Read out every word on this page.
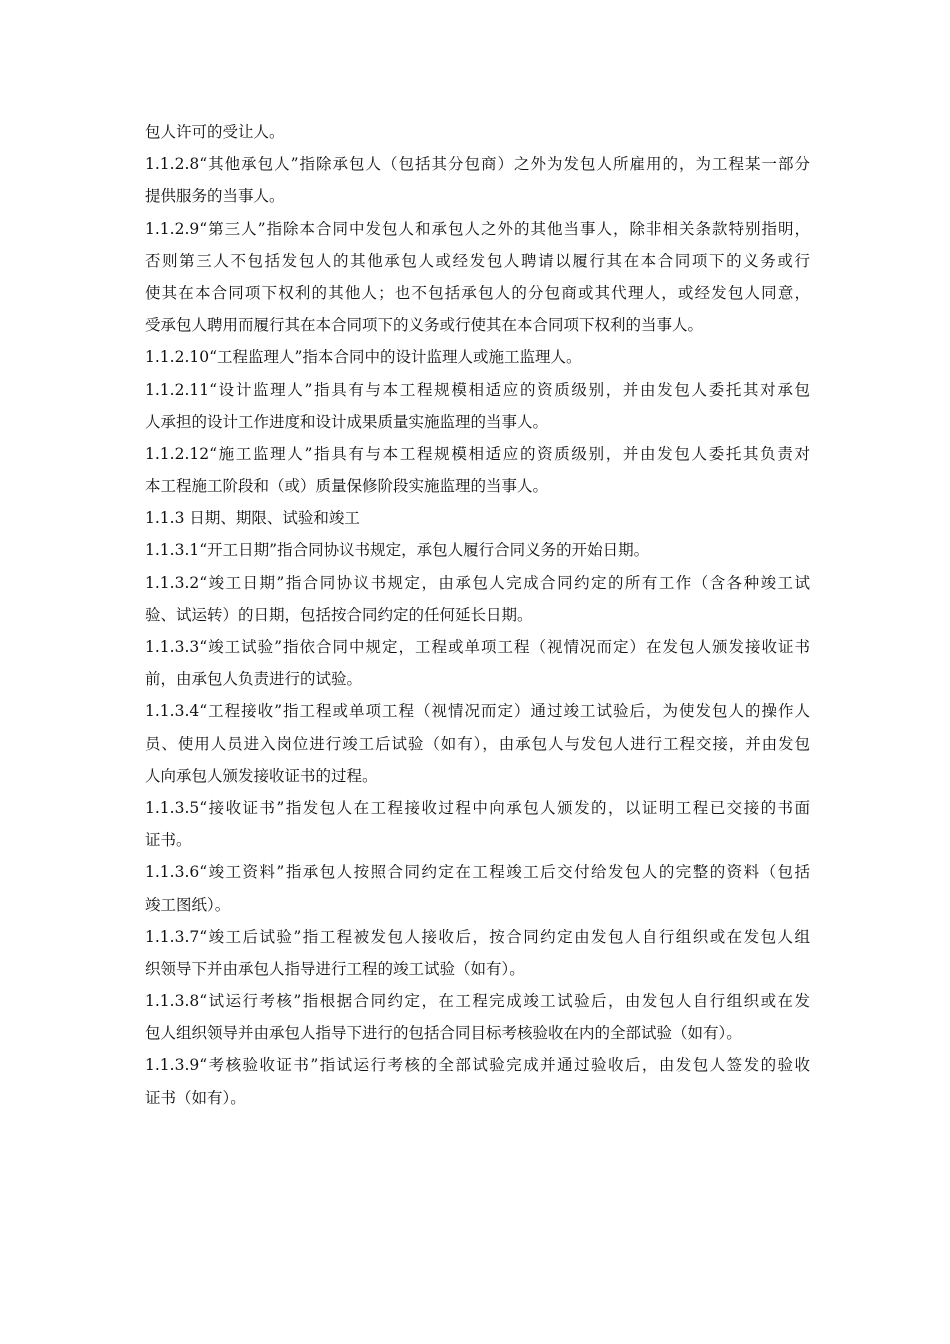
包人许可的受让人。
1.1.2.8“其他承包人”指除承包人（包括其分包商）之外为发包人所雇用的，为工程某一部分
提供服务的当事人。
1.1.2.9“第三人”指除本合同中发包人和承包人之外的其他当事人，除非相关条款特别指明，
否则第三人不包括发包人的其他承包人或经发包人聘请以履行其在本合同项下的义务或行
使其在本合同项下权利的其他人；也不包括承包人的分包商或其代理人，或经发包人同意，
受承包人聘用而履行其在本合同项下的义务或行使其在本合同项下权利的当事人。
1.1.2.10“工程监理人”指本合同中的设计监理人或施工监理人。
1.1.2.11“设计监理人”指具有与本工程规模相适应的资质级别，并由发包人委托其对承包
人承担的设计工作进度和设计成果质量实施监理的当事人。
1.1.2.12“施工监理人”指具有与本工程规模相适应的资质级别，并由发包人委托其负责对
本工程施工阶段和（或）质量保修阶段实施监理的当事人。
1.1.3 日期、期限、试验和竣工
1.1.3.1“开工日期”指合同协议书规定，承包人履行合同义务的开始日期。
1.1.3.2“竣工日期”指合同协议书规定，由承包人完成合同约定的所有工作（含各种竣工试
验、试运转）的日期，包括按合同约定的任何延长日期。
1.1.3.3“竣工试验”指依合同中规定，工程或单项工程（视情况而定）在发包人颁发接收证书
前，由承包人负责进行的试验。
1.1.3.4“工程接收”指工程或单项工程（视情况而定）通过竣工试验后，为使发包人的操作人
员、使用人员进入岗位进行竣工后试验（如有），由承包人与发包人进行工程交接，并由发包
人向承包人颁发接收证书的过程。
1.1.3.5“接收证书”指发包人在工程接收过程中向承包人颁发的，以证明工程已交接的书面
证书。
1.1.3.6“竣工资料”指承包人按照合同约定在工程竣工后交付给发包人的完整的资料（包括
竣工图纸）。
1.1.3.7“竣工后试验”指工程被发包人接收后，按合同约定由发包人自行组织或在发包人组
织领导下并由承包人指导进行工程的竣工试验（如有）。
1.1.3.8“试运行考核”指根据合同约定，在工程完成竣工试验后，由发包人自行组织或在发
包人组织领导并由承包人指导下进行的包括合同目标考核验收在内的全部试验（如有）。
1.1.3.9“考核验收证书”指试运行考核的全部试验完成并通过验收后，由发包人签发的验收
证书（如有）。
